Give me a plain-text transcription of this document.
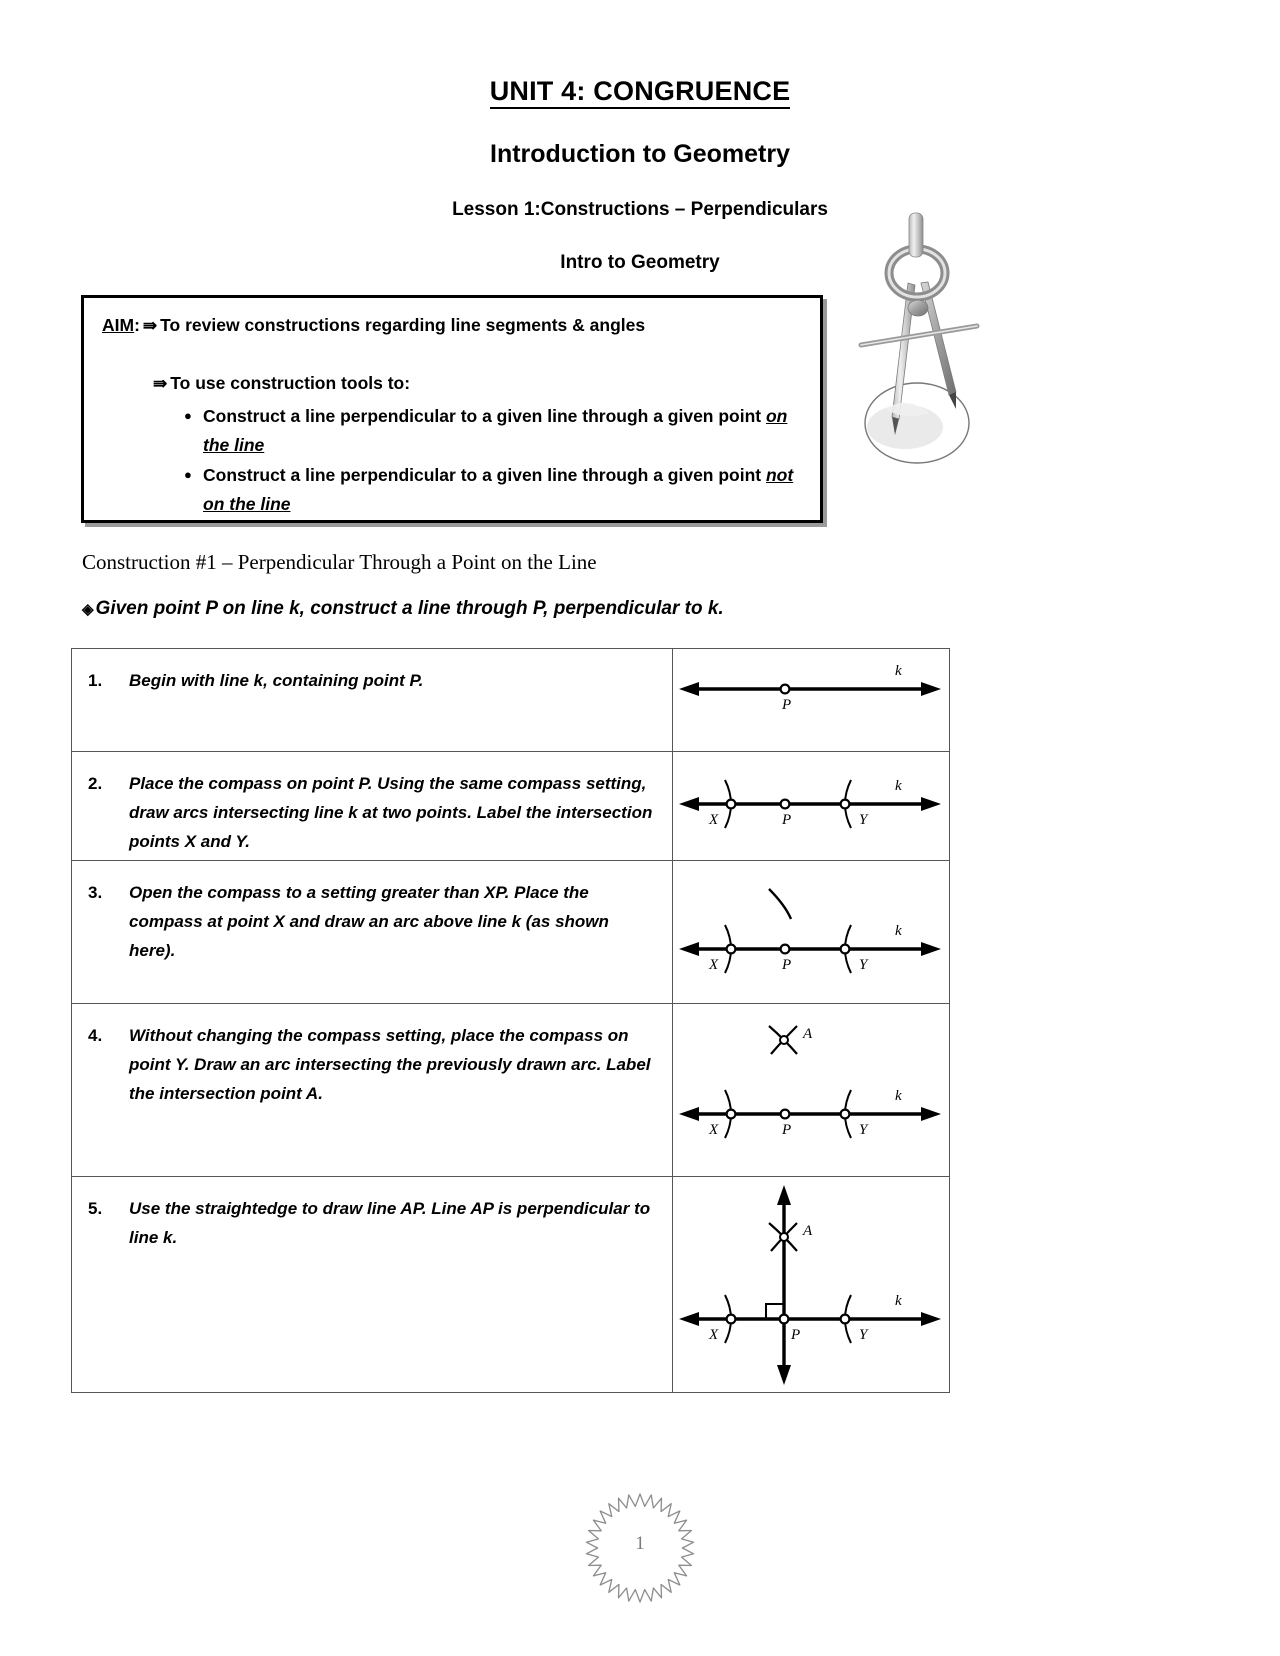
UNIT 4: CONGRUENCE
Introduction to Geometry
Lesson 1:Constructions – Perpendiculars
Intro to Geometry
AIM: ⇛ To review constructions regarding line segments & angles
⇛ To use construction tools to:
● Construct a line perpendicular to a given line through a given point on the line
● Construct a line perpendicular to a given line through a given point not on the line
Construction #1 – Perpendicular Through a Point on the Line
◈ Given point P on line k, construct a line through P, perpendicular to k.
1.	Begin with line k, containing point P.

P
k

2.	Place the compass on point P. Using the same compass setting, draw arcs intersecting line k at two points. Label the intersection points X and Y.

X	P	Y
k

3.	Open the compass to a setting greater than XP. Place the compass at point X and draw an arc above line k (as shown here).

X	P	Y
k

4.	Without changing the compass setting, place the compass on point Y. Draw an arc intersecting the previously drawn arc. Label the intersection point A.

A
X	P	Y
k

5.	Use the straightedge to draw line AP. Line AP is perpendicular to line k.	A
X	P	Y
k
1
